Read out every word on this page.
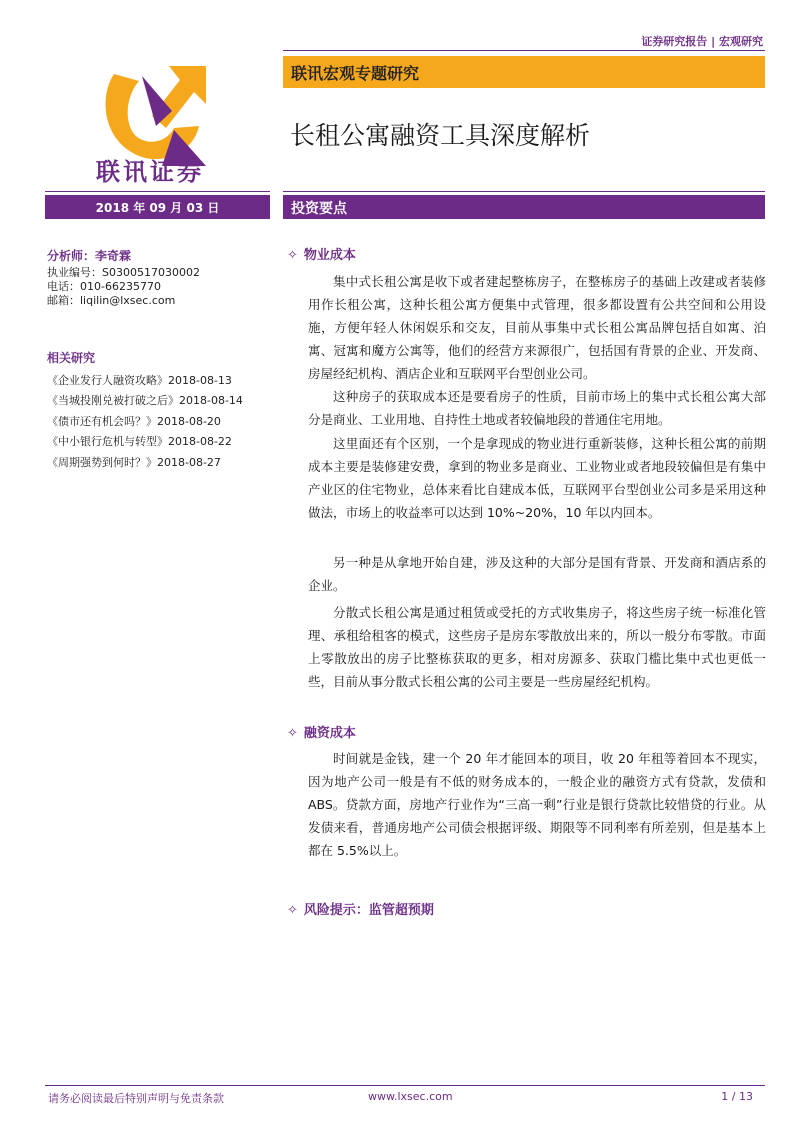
证券研究报告 | 宏观研究
联讯证券
联讯宏观专题研究
长租公寓融资工具深度解析
2018 年 09 月 03 日	投资要点
分析师：李奇霖
执业编号：S0300517030002
电话：010-66235770
邮箱：liqilin@lxsec.com
相关研究
《企业发行人融资攻略》2018-08-13
《当城投刚兑被打破之后》2018-08-14
《债市还有机会吗？》2018-08-20
《中小银行危机与转型》2018-08-22
《周期强势到何时？》2018-08-27
✧ 物业成本
集中式长租公寓是收下或者建起整栋房子，在整栋房子的基础上改建或者装修用作长租公寓，这种长租公寓方便集中式管理，很多都设置有公共空间和公用设施，方便年轻人休闲娱乐和交友，目前从事集中式长租公寓品牌包括自如寓、泊寓、冠寓和魔方公寓等，他们的经营方来源很广，包括国有背景的企业、开发商、房屋经纪机构、酒店企业和互联网平台型创业公司。
这种房子的获取成本还是要看房子的性质，目前市场上的集中式长租公寓大部分是商业、工业用地、自持性土地或者较偏地段的普通住宅用地。
这里面还有个区别，一个是拿现成的物业进行重新装修，这种长租公寓的前期成本主要是装修建安费，拿到的物业多是商业、工业物业或者地段较偏但是有集中产业区的住宅物业，总体来看比自建成本低，互联网平台型创业公司多是采用这种做法，市场上的收益率可以达到 10%~20%，10 年以内回本。
另一种是从拿地开始自建，涉及这种的大部分是国有背景、开发商和酒店系的企业。
分散式长租公寓是通过租赁或受托的方式收集房子，将这些房子统一标准化管理、承租给租客的模式，这些房子是房东零散放出来的，所以一般分布零散。市面上零散放出的房子比整栋获取的更多，相对房源多、获取门槛比集中式也更低一些，目前从事分散式长租公寓的公司主要是一些房屋经纪机构。
✧ 融资成本
时间就是金钱，建一个 20 年才能回本的项目，收 20 年租等着回本不现实，因为地产公司一般是有不低的财务成本的，一般企业的融资方式有贷款，发债和 ABS。贷款方面，房地产行业作为“三高一剩”行业是银行贷款比较惜贷的行业。从发债来看，普通房地产公司债会根据评级、期限等不同利率有所差别，但是基本上都在 5.5%以上。
✧ 风险提示：监管超预期
请务必阅读最后特别声明与免责条款	www.lxsec.com	1 / 13
